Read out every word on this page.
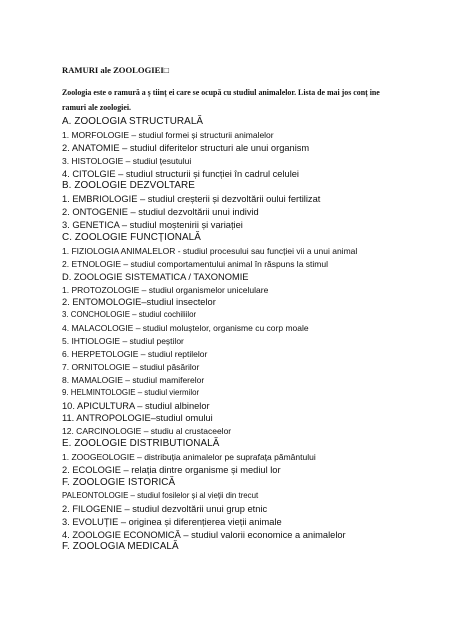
RAMURI ale ZOOLOGIEI□
Zoologia este o ramură a ș tiinț ei care se ocupă cu studiul animalelor. Lista de mai jos conț ine
ramuri ale zoologiei.
A. ZOOLOGIA STRUCTURALĂ
1. MORFOLOGIE – studiul formei și structurii animalelor
2. ANATOMIE – studiul diferitelor structuri ale unui organism
3. HISTOLOGIE – studiul țesutului
4. CITOLGIE – studiul structurii și funcției în cadrul celulei
B. ZOOLOGIE DEZVOLTARE
1. EMBRIOLOGIE – studiul creșterii și dezvoltării oului fertilizat
2. ONTOGENIE – studiul dezvoltării unui individ
3. GENETICA – studiul moștenirii și variației
C. ZOOLOGIE FUNCȚIONALĂ
1. FIZIOLOGIA ANIMALELOR - studiul procesului sau funcției vii a unui animal
2. ETNOLOGIE – studiul comportamentului animal în răspuns la stimul
D. ZOOLOGIE SISTEMATICA / TAXONOMIE
1. PROTOZOLOGIE – studiul organismelor unicelulare
2. ENTOMOLOGIE–studiul insectelor
3. CONCHOLOGIE – studiul cochiliilor
4. MALACOLOGIE – studiul moluștelor, organisme cu corp moale
5. IHTIOLOGIE – studiul peștilor
6. HERPETOLOGIE – studiul reptilelor
7. ORNITOLOGIE – studiul păsărilor
8. MAMALOGIE – studiul mamiferelor
9. HELMINTOLOGIE – studiul viermilor
10. APICULTURA – studiul albinelor
11. ANTROPOLOGIE–studiul omului
12. CARCINOLOGIE – studiu al crustaceelor
E. ZOOLOGIE DISTRIBUTIONALĂ
1. ZOOGEOLOGIE – distribuția animalelor pe suprafața pământului
2. ECOLOGIE – relația dintre organisme și mediul lor
F. ZOOLOGIE ISTORICĂ
PALEONTOLOGIE – studiul fosilelor și al vieții din trecut
2. FILOGENIE – studiul dezvoltării unui grup etnic
3. EVOLUȚIE – originea și diferențierea vieții animale
4. ZOOLOGIE ECONOMICĂ – studiul valorii economice a animalelor
F. ZOOLOGIA MEDICALĂ
